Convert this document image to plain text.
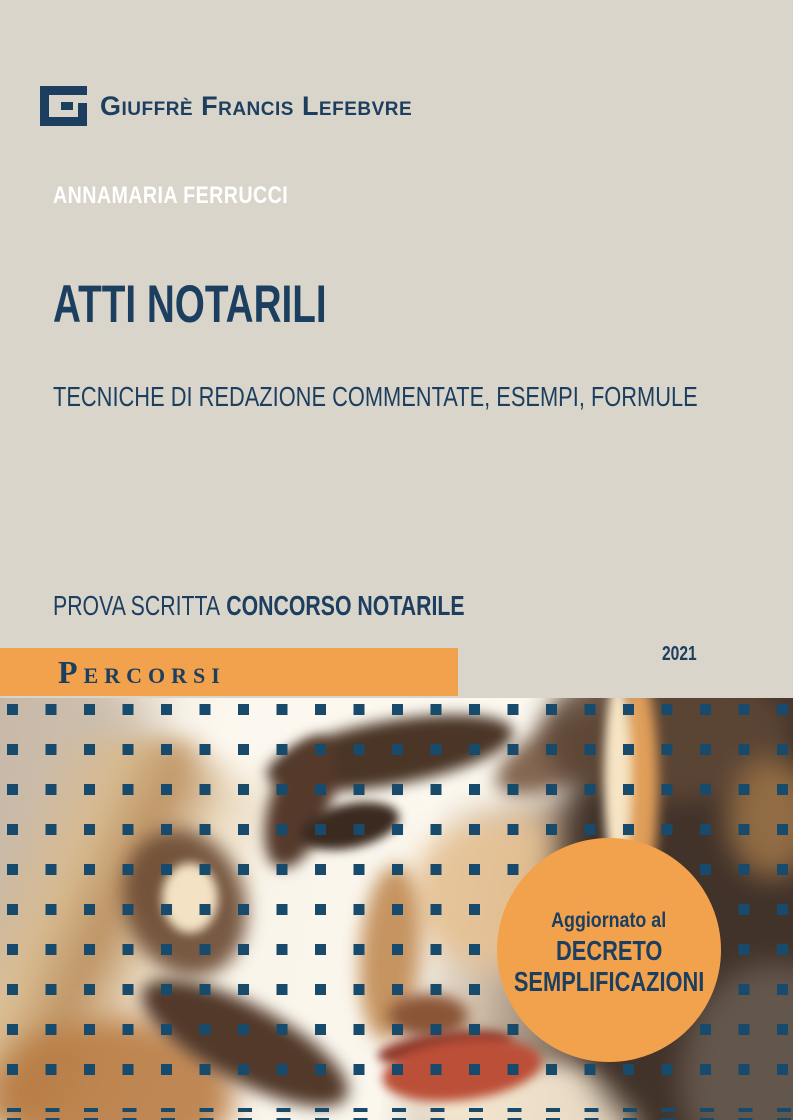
Giuffrè Francis Lefebvre
ANNAMARIA FERRUCCI
ATTI NOTARILI
TECNICHE DI REDAZIONE COMMENTATE, ESEMPI, FORMULE
PROVA SCRITTA CONCORSO NOTARILE
2021
Percorsi
Aggiornato al
DECRETO
SEMPLIFICAZIONI
